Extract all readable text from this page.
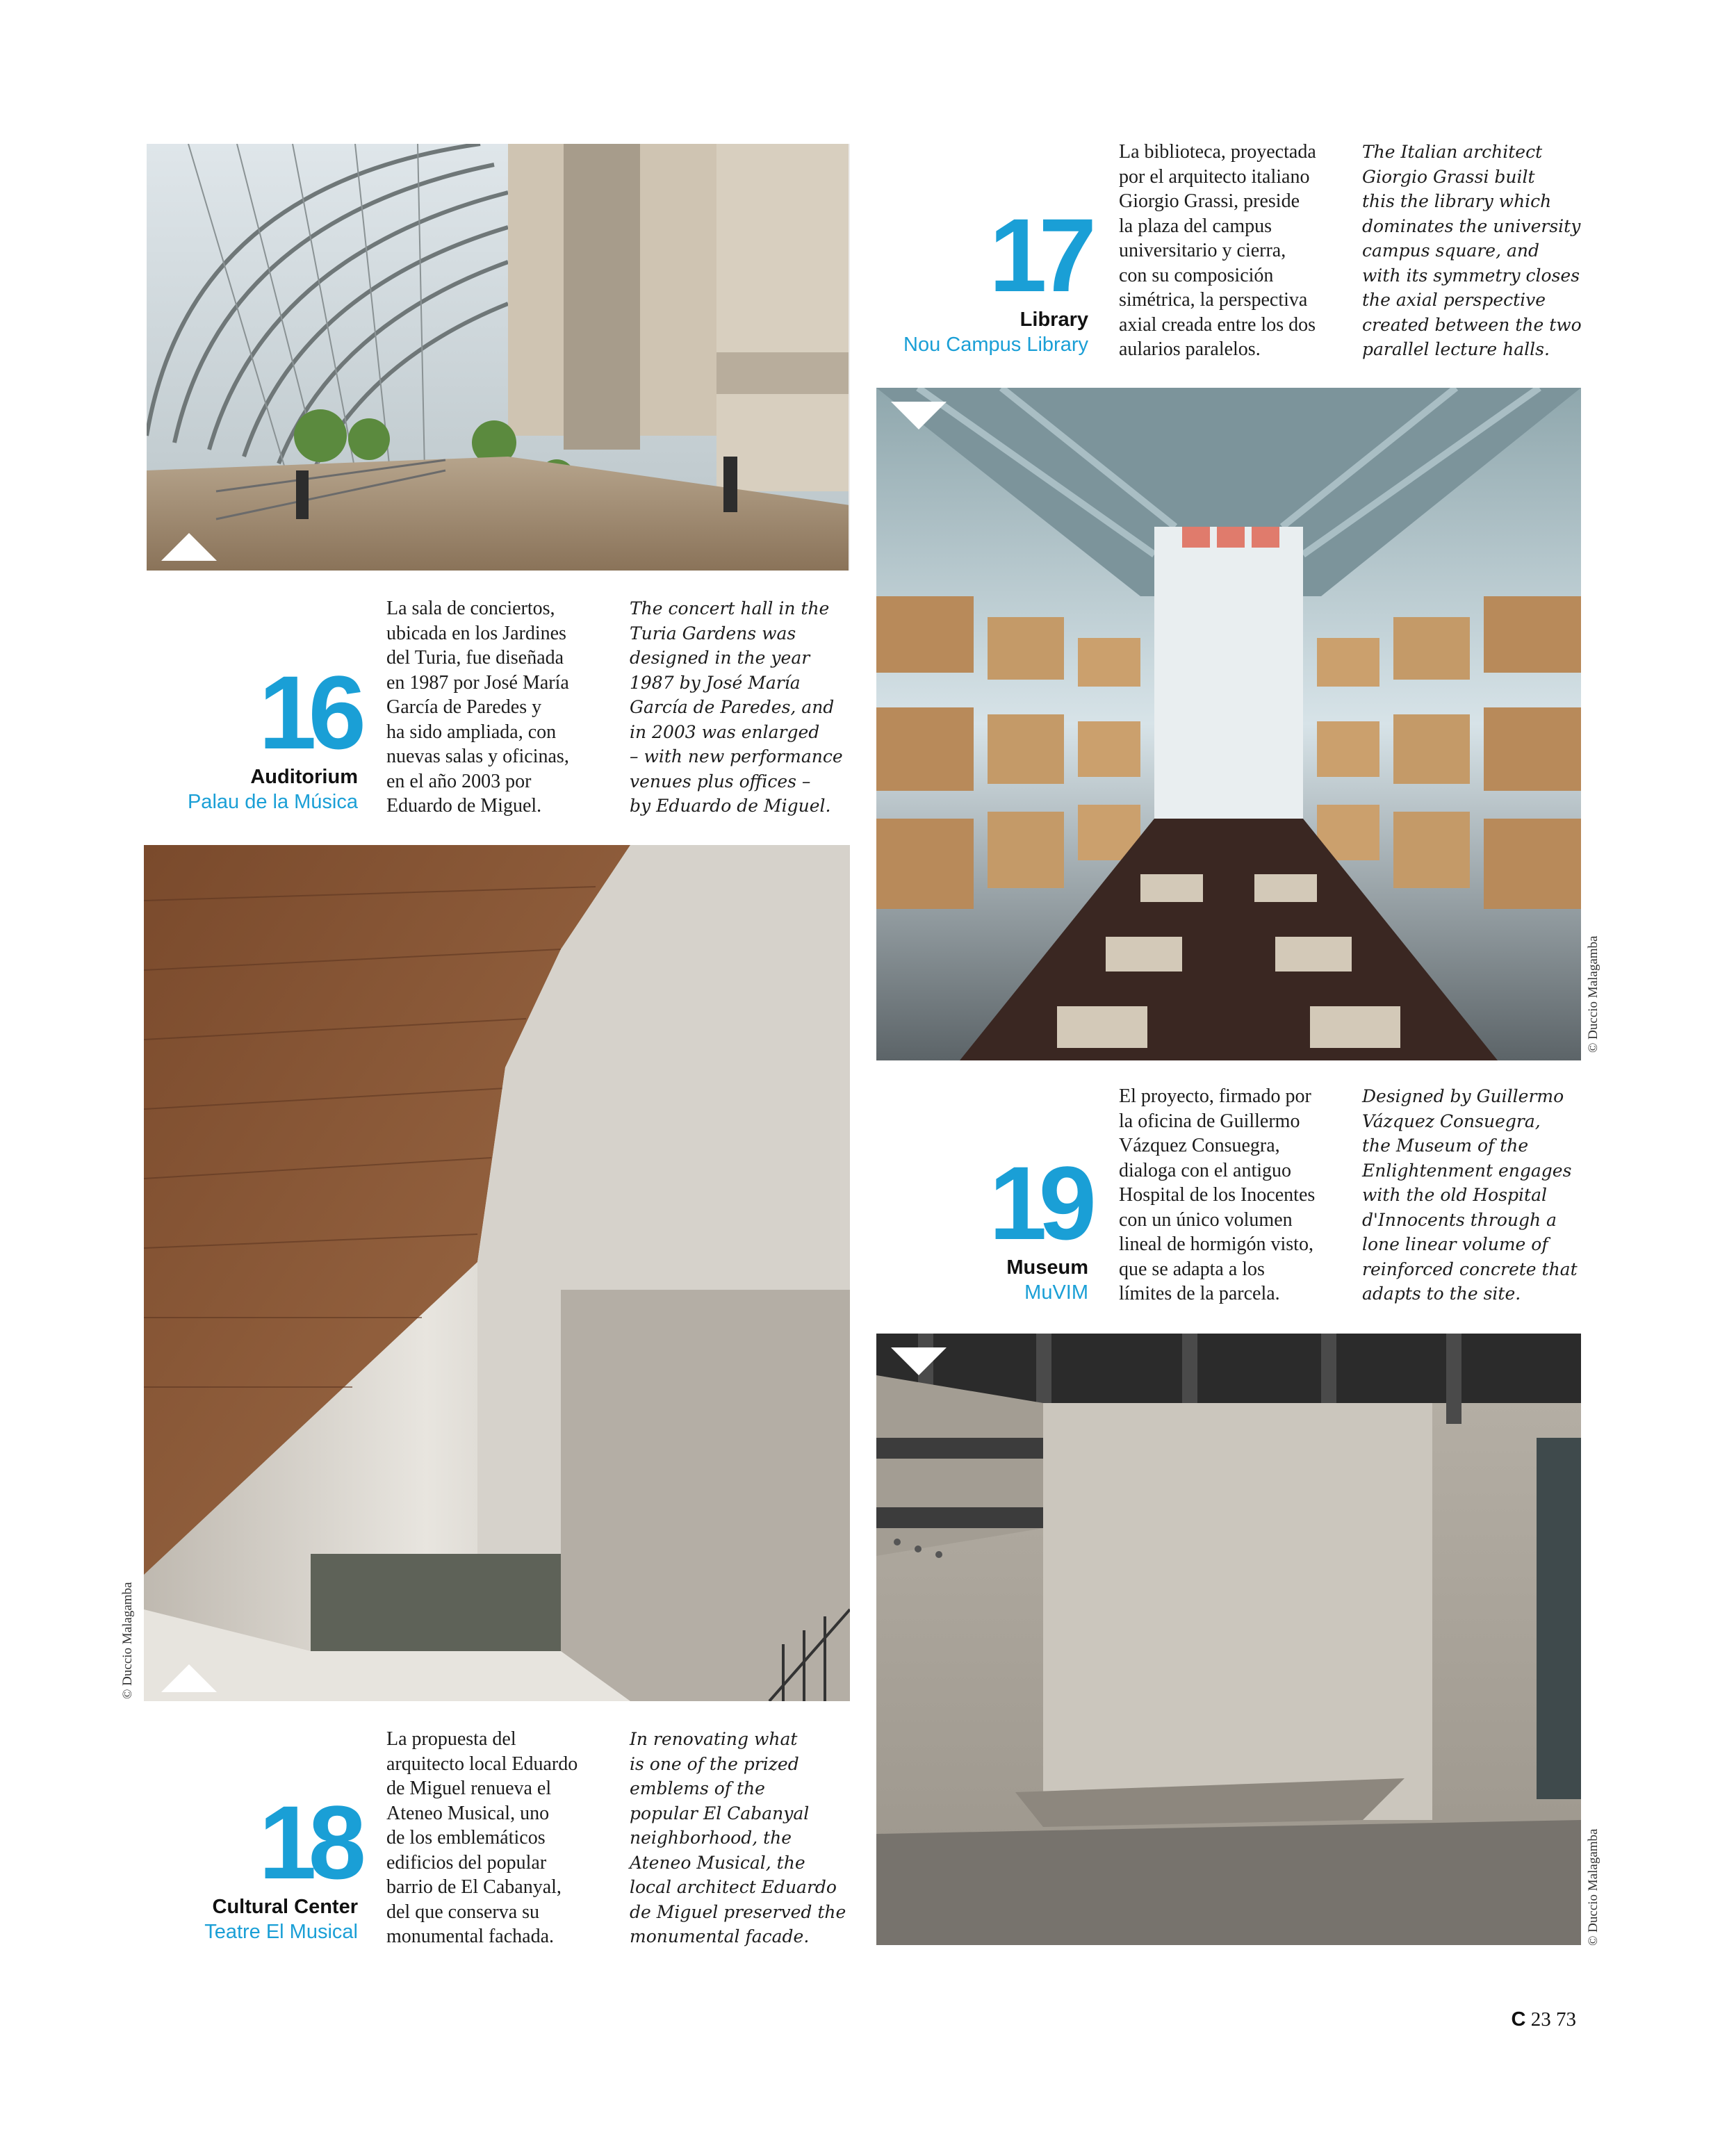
16
Auditorium
Palau de la Música
La sala de conciertos,
ubicada en los Jardines
del Turia, fue diseñada
en 1987 por José María
García de Paredes y
ha sido ampliada, con
nuevas salas y oficinas,
en el año 2003 por
Eduardo de Miguel.
The concert hall in the
Turia Gardens was
designed in the year
1987 by José María
García de Paredes, and
in 2003 was enlarged
– with new performance
venues plus offices –
by Eduardo de Miguel.
17
Library
Nou Campus Library
La biblioteca, proyectada
por el arquitecto italiano
Giorgio Grassi, preside
la plaza del campus
universitario y cierra,
con su composición
simétrica, la perspectiva
axial creada entre los dos
aularios paralelos.
The Italian architect
Giorgio Grassi built
this the library which
dominates the university
campus square, and
with its symmetry closes
the axial perspective
created between the two
parallel lecture halls.
18
Cultural Center
Teatre El Musical
La propuesta del
arquitecto local Eduardo
de Miguel renueva el
Ateneo Musical, uno
de los emblemáticos
edificios del popular
barrio de El Cabanyal,
del que conserva su
monumental fachada.
In renovating what
is one of the prized
emblems of the
popular El Cabanyal
neighborhood, the
Ateneo Musical, the
local architect Eduardo
de Miguel preserved the
monumental facade.
19
Museum
MuVIM
El proyecto, firmado por
la oficina de Guillermo
Vázquez Consuegra,
dialoga con el antiguo
Hospital de los Inocentes
con un único volumen
lineal de hormigón visto,
que se adapta a los
límites de la parcela.
Designed by Guillermo
Vázquez Consuegra,
the Museum of the
Enlightenment engages
with the old Hospital
d'Innocents through a
lone linear volume of
reinforced concrete that
adapts to the site.
© Duccio Malagamba
© Duccio Malagamba
© Duccio Malagamba
C 23 73
